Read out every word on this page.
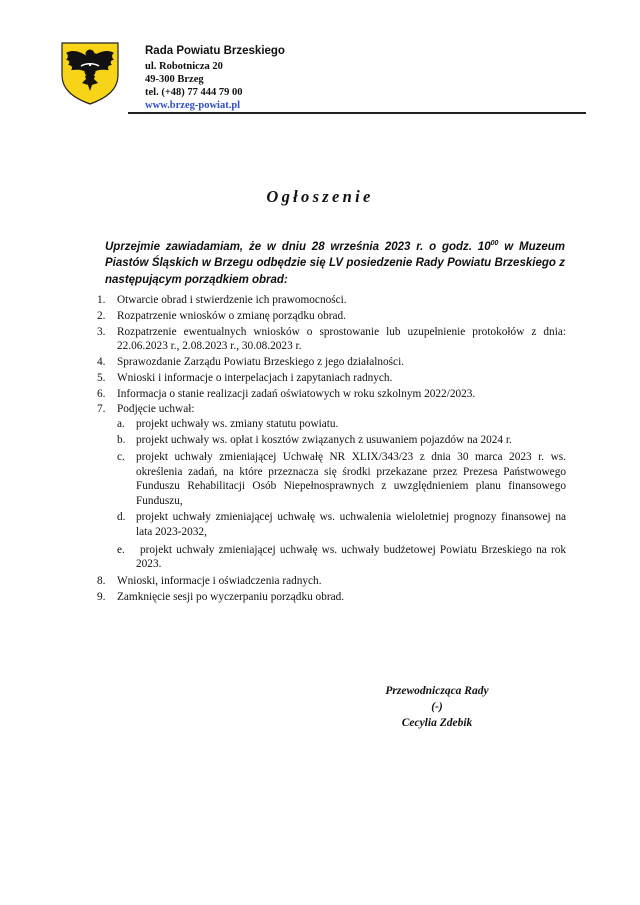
Rada Powiatu Brzeskiego
ul. Robotnicza 20
49-300 Brzeg
tel. (+48) 77 444 79 00
www.brzeg-powiat.pl
Ogłoszenie
Uprzejmie zawiadamiam, że w dniu 28 września 2023 r. o godz. $10^{00}$ w Muzeum Piastów Śląskich w Brzegu odbędzie się LV posiedzenie Rady Powiatu Brzeskiego z następującym porządkiem obrad:
1. Otwarcie obrad i stwierdzenie ich prawomocności.
2. Rozpatrzenie wniosków o zmianę porządku obrad.
3. Rozpatrzenie ewentualnych wniosków o sprostowanie lub uzupełnienie protokołów z dnia: 22.06.2023 r., 2.08.2023 r., 30.08.2023 r.
4. Sprawozdanie Zarządu Powiatu Brzeskiego z jego działalności.
5. Wnioski i informacje o interpelacjach i zapytaniach radnych.
6. Informacja o stanie realizacji zadań oświatowych w roku szkolnym 2022/2023.
7. Podjęcie uchwał:
a. projekt uchwały ws. zmiany statutu powiatu.
b. projekt uchwały ws. opłat i kosztów związanych z usuwaniem pojazdów na 2024 r.
c. projekt uchwały zmieniającej Uchwałę NR XLIX/343/23 z dnia 30 marca 2023 r. ws. określenia zadań, na które przeznacza się środki przekazane przez Prezesa Państwowego Funduszu Rehabilitacji Osób Niepełnosprawnych z uwzględnieniem planu finansowego Funduszu,
d. projekt uchwały zmieniającej uchwałę ws. uchwalenia wieloletniej prognozy finansowej na lata 2023-2032,
e.	projekt uchwały zmieniającej uchwałę ws. uchwały budżetowej Powiatu Brzeskiego na rok 2023.
8. Wnioski, informacje i oświadczenia radnych.
9. Zamknięcie sesji po wyczerpaniu porządku obrad.
Przewodnicząca Rady
(-)
Cecylia Zdebik
